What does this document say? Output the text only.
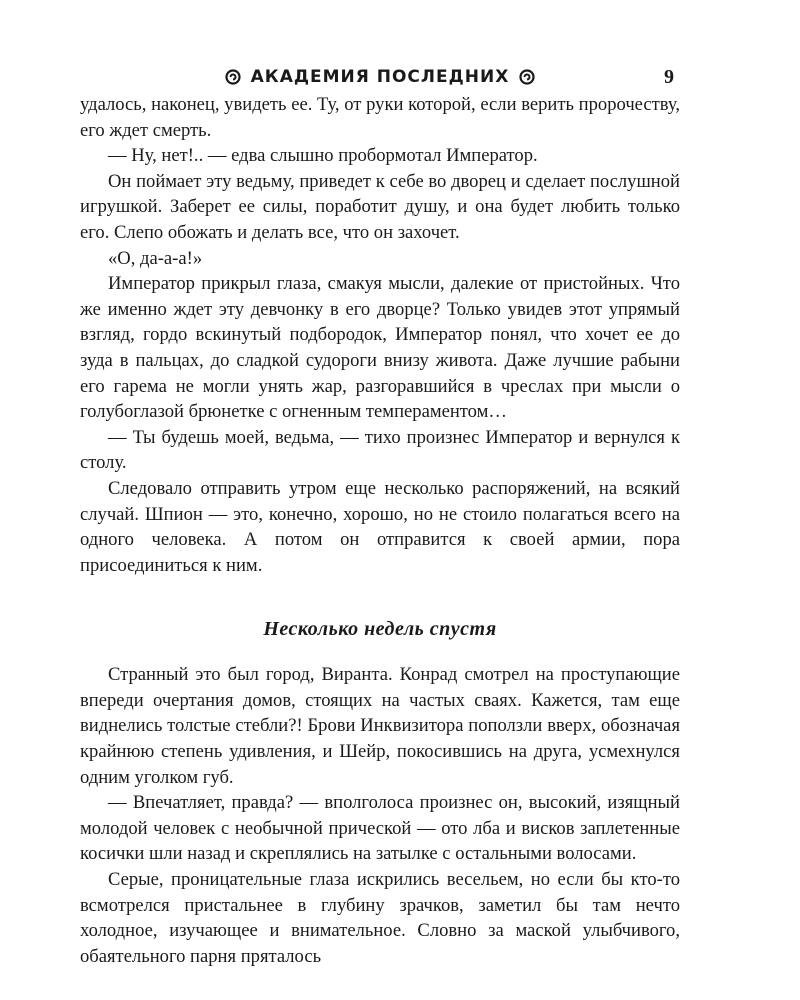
АКАДЕМИЯ ПОСЛЕДНИХ	9

удалось, наконец, увидеть ее. Ту, от руки которой, если верить пророчеству, его ждет смерть.

— Ну, нет!.. — едва слышно пробормотал Император.

Он поймает эту ведьму, приведет к себе во дворец и сделает послушной игрушкой. Заберет ее силы, поработит душу, и она будет любить только его. Слепо обожать и делать все, что он захочет.

«О, да-а-а!»

Император прикрыл глаза, смакуя мысли, далекие от пристойных. Что же именно ждет эту девчонку в его дворце? Только увидев этот упрямый взгляд, гордо вскинутый подбородок, Император понял, что хочет ее до зуда в пальцах, до сладкой судороги внизу живота. Даже лучшие рабыни его гарема не могли унять жар, разгоравшийся в чреслах при мысли о голубоглазой брюнетке с огненным темпераментом…

— Ты будешь моей, ведьма, — тихо произнес Император и вернулся к столу.

Следовало отправить утром еще несколько распоряжений, на всякий случай. Шпион — это, конечно, хорошо, но не стоило полагаться всего на одного человека. А потом он отправится к своей армии, пора присоединиться к ним.

Несколько недель спустя

Странный это был город, Виранта. Конрад смотрел на проступающие впереди очертания домов, стоящих на частых сваях. Кажется, там еще виднелись толстые стебли?! Брови Инквизитора поползли вверх, обозначая крайнюю степень удивления, и Шейр, покосившись на друга, усмехнулся одним уголком губ.

— Впечатляет, правда? — вполголоса произнес он, высокий, изящный молодой человек с необычной прической — ото лба и висков заплетенные косички шли назад и скреплялись на затылке с остальными волосами.

Серые, проницательные глаза искрились весельем, но если бы кто-то всмотрелся пристальнее в глубину зрачков, заметил бы там нечто холодное, изучающее и внимательное. Словно за маской улыбчивого, обаятельного парня пряталось
